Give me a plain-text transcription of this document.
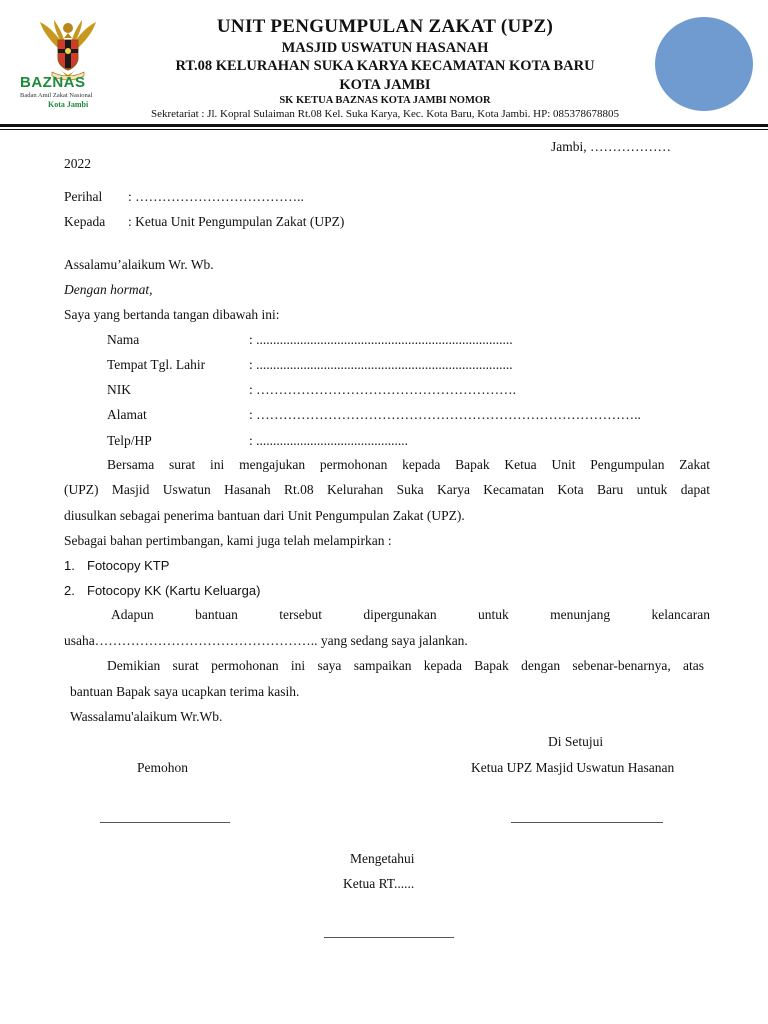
BAZNAS
Badan Amil Zakat Nasional
Kota Jambi
UNIT PENGUMPULAN ZAKAT (UPZ)
MASJID USWATUN HASANAH
RT.08 KELURAHAN SUKA KARYA KECAMATAN KOTA BARU
KOTA JAMBI
SK KETUA BAZNAS KOTA JAMBI NOMOR
Sekretariat : Jl. Kopral Sulaiman Rt.08 Kel. Suka Karya, Kec. Kota Baru, Kota Jambi. HP: 085378678805
Jambi, ………………
2022
Perihal : ………………………………..
Kepada : Ketua Unit Pengumpulan Zakat (UPZ)
Assalamu’alaikum Wr. Wb.
Dengan hormat,
Saya yang bertanda tangan dibawah ini:
Nama	: ............................................................................
Tempat Tgl. Lahir	: ............................................................................
NIK	: ………………………………………………….
Alamat	: …………………………………………………………………………..
Telp/HP	: .............................................
Bersama surat ini mengajukan permohonan kepada Bapak Ketua Unit Pengumpulan Zakat
(UPZ) Masjid Uswatun Hasanah Rt.08 Kelurahan Suka Karya Kecamatan Kota Baru untuk dapat
diusulkan sebagai penerima bantuan dari Unit Pengumpulan Zakat (UPZ).
Sebagai bahan pertimbangan, kami juga telah melampirkan :
1. Fotocopy KTP
2. Fotocopy KK (Kartu Keluarga)
Adapun bantuan tersebut dipergunakan untuk menunjang kelancaran
usaha………………………………………….. yang sedang saya jalankan.
Demikian surat permohonan ini saya sampaikan kepada Bapak dengan sebenar-benarnya, atas
bantuan Bapak saya ucapkan terima kasih.
Wassalamu'alaikum Wr.Wb.
Di Setujui
Pemohon	Ketua UPZ Masjid Uswatun Hasanan
Mengetahui
Ketua RT......
